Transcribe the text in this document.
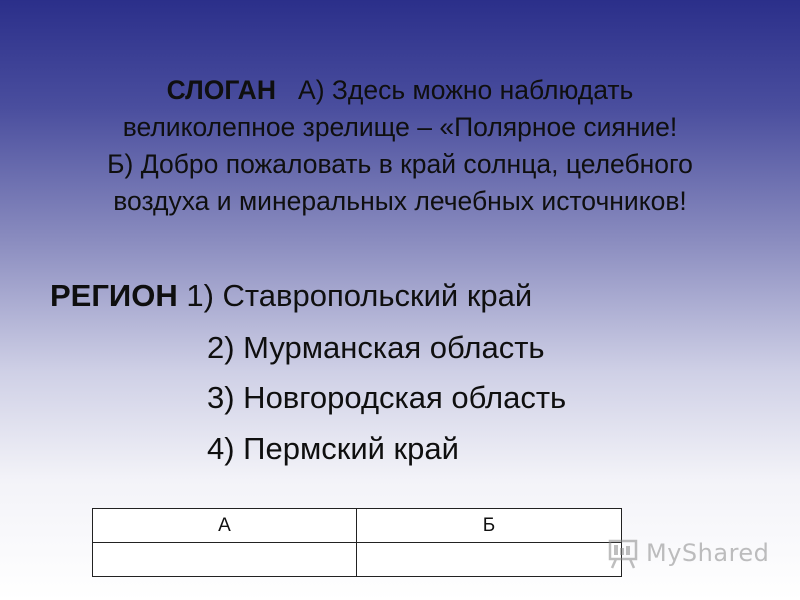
СЛОГАН А) Здесь можно наблюдать
великолепное зрелище – «Полярное сияние!
Б) Добро пожаловать в край солнца, целебного
воздуха и минеральных лечебных источников!
РЕГИОН 1) Ставропольский край
2) Мурманская область
3) Новгородская область
4) Пермский край
А	Б

MyShared
